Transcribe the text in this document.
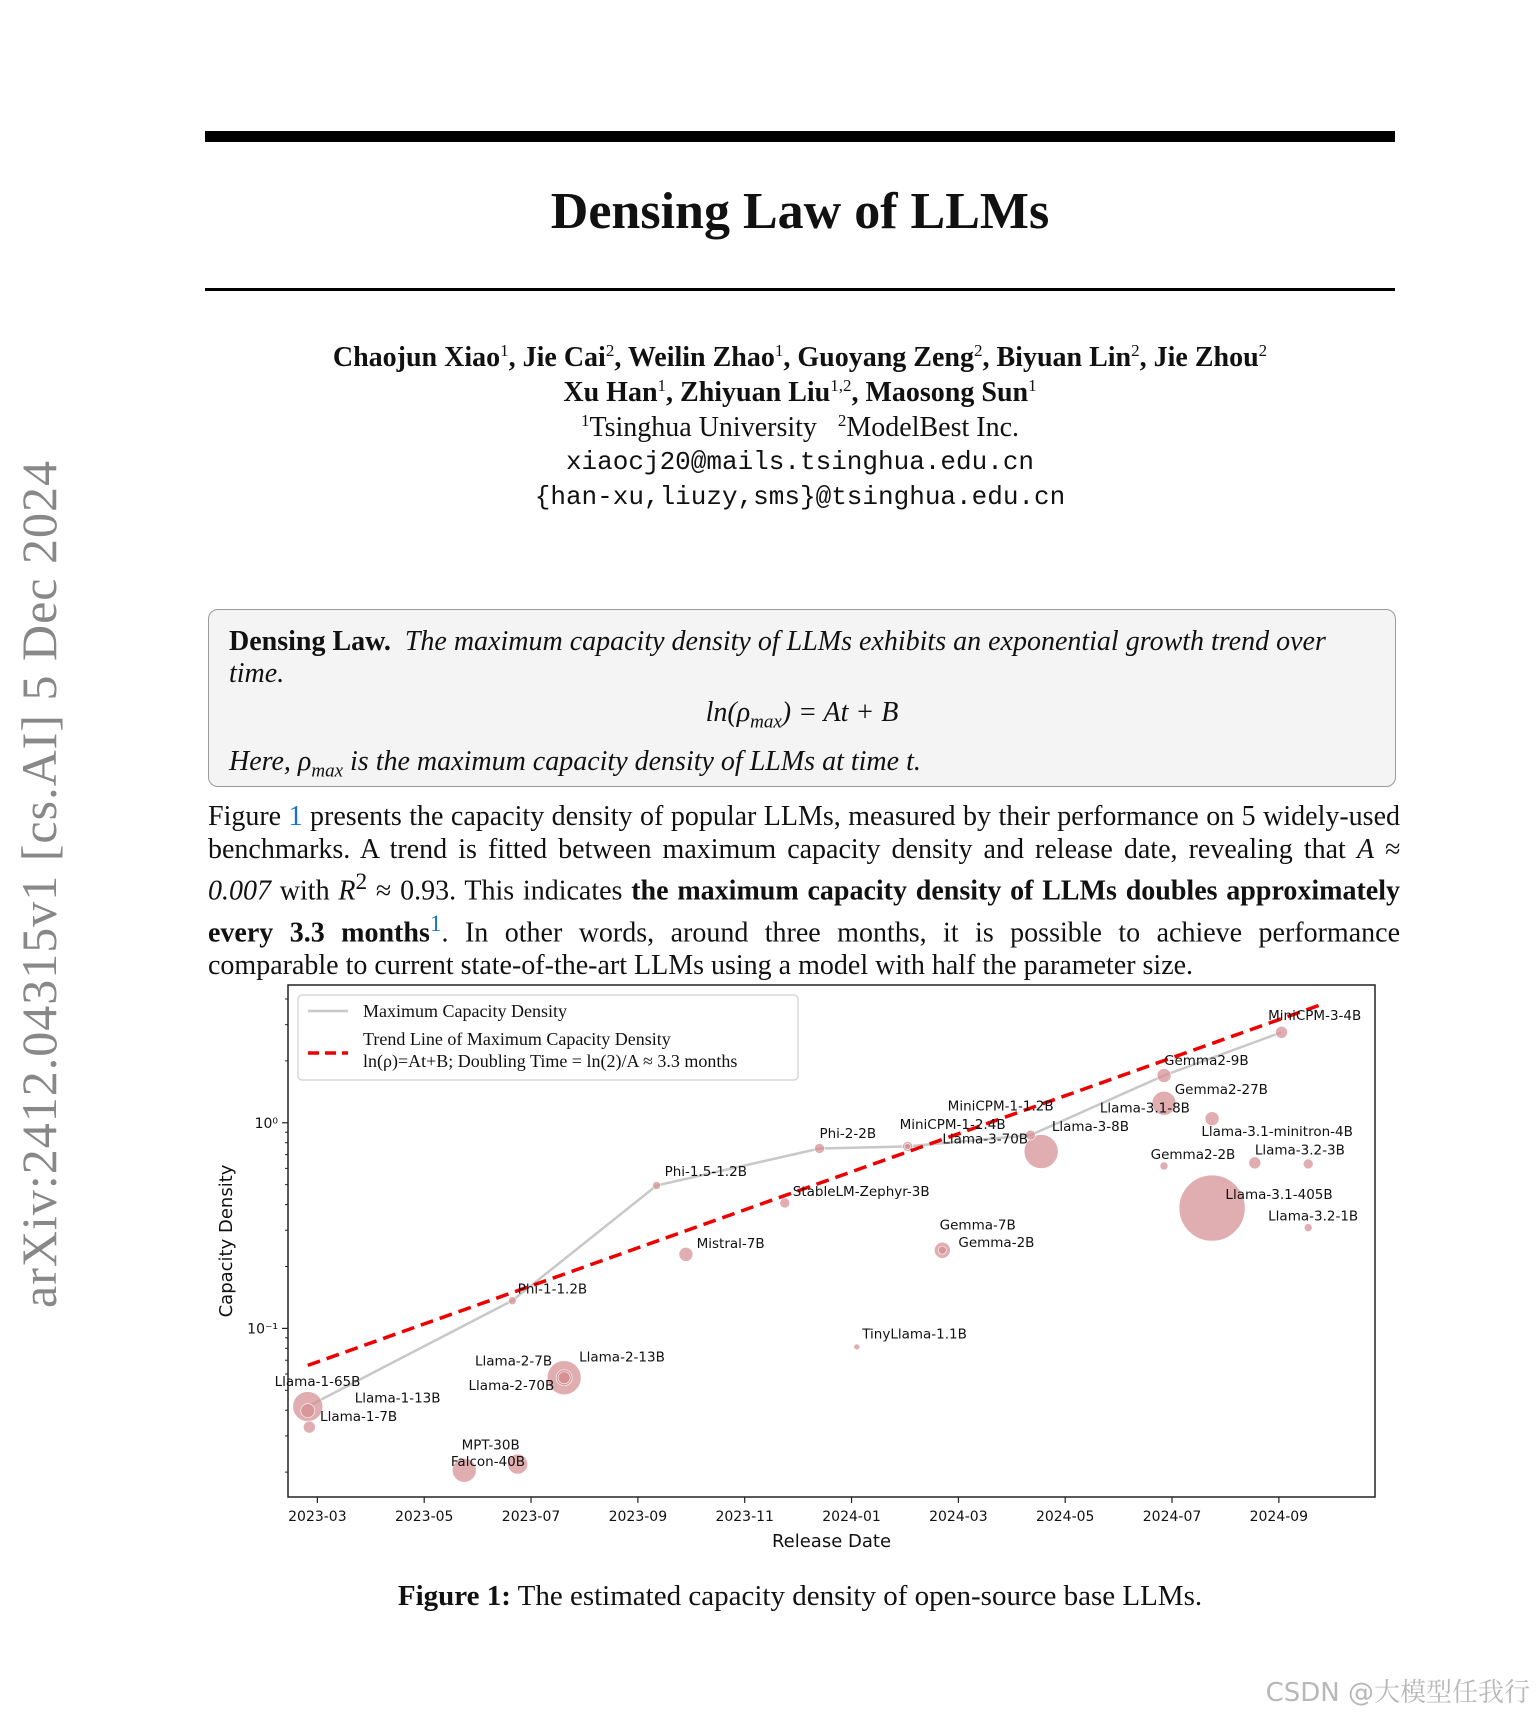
arXiv:2412.04315v1 [cs.AI] 5 Dec 2024
Densing Law of LLMs
Chaojun Xiao$^1$, Jie Cai$^2$, Weilin Zhao$^1$, Guoyang Zeng$^2$, Biyuan Lin$^2$, Jie Zhou$^2$
Xu Han$^1$, Zhiyuan Liu$^{1,2}$, Maosong Sun$^1$
$^1$Tsinghua University $^2$ModelBest Inc.
xiaocj20@mails.tsinghua.edu.cn
{han-xu,liuzy,sms}@tsinghua.edu.cn
Densing Law. The maximum capacity density of LLMs exhibits an exponential growth trend over time.
$\ln(\rho_{max}) = At + B$
Here, $\rho_{max}$ is the maximum capacity density of LLMs at time t.
Figure 1 presents the capacity density of popular LLMs, measured by their performance on 5 widely-used benchmarks. A trend is fitted between maximum capacity density and release date, revealing that A ≈ 0.007 with $R^2 \approx 0.93$. This indicates the maximum capacity density of LLMs doubles approximately every 3.3 months$^1$. In other words, around three months, it is possible to achieve performance comparable to current state-of-the-art LLMs using a model with half the parameter size.
2023-03	2023-05	2023-07	2023-09	2023-11	2024-01	2024-03	2024-05	2024-07	2024-09
10⁰
10⁻¹
Release Date
Capacity Density
Llama-1-65B
Llama-1-13B
Llama-1-7B
MPT-30B
Falcon-40B
Phi-1-1.2B
Llama-2-7B Llama-2-13B
Llama-2-70B
Phi-1.5-1.2B
Mistral-7B
StableLM-Zephyr-3B
Phi-2-2B
TinyLlama-1.1B
MiniCPM-1-2.4B
MiniCPM-1-1.2B
Llama-3-70B
Llama-3-8B
Gemma-7B
Gemma-2B
Gemma2-9B
Gemma2-27B
Llama-3.1-8B
Gemma2-2B
Llama-3.1-minitron-4B
Llama-3.2-3B
Llama-3.1-405B
Llama-3.2-1B
MiniCPM-3-4B
Maximum Capacity Density
Trend Line of Maximum Capacity Density
ln(ρ)=At+B; Doubling Time = ln(2)/A ≈ 3.3 months
Figure 1: The estimated capacity density of open-source base LLMs.
CSDN @大模型任我行
